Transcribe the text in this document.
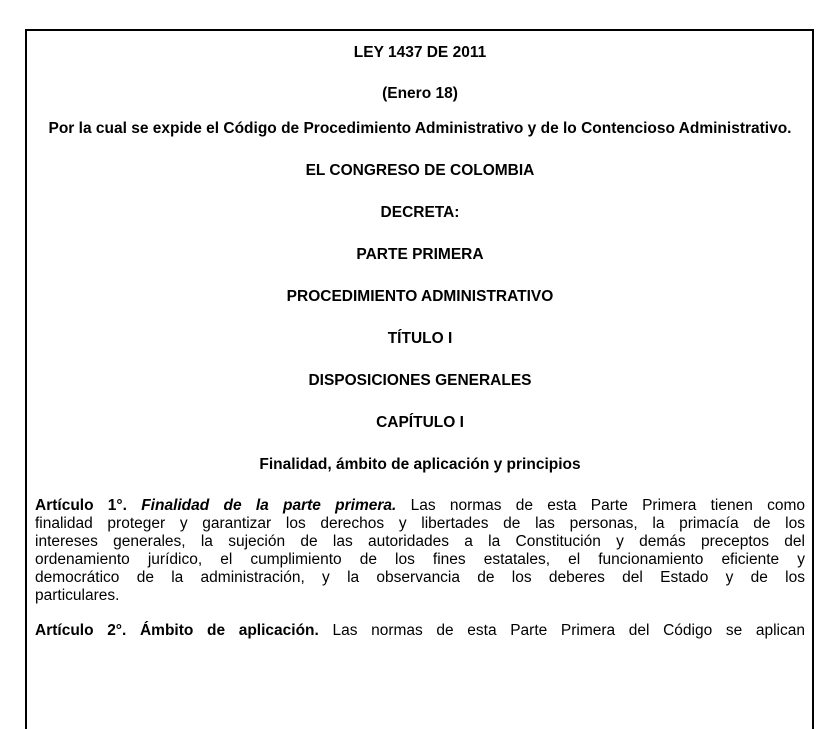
LEY 1437 DE 2011

(Enero 18)

Por la cual se expide el Código de Procedimiento Administrativo y de lo Contencioso Administrativo.

EL CONGRESO DE COLOMBIA

DECRETA:

PARTE PRIMERA

PROCEDIMIENTO ADMINISTRATIVO

TÍTULO I

DISPOSICIONES GENERALES

CAPÍTULO I

Finalidad, ámbito de aplicación y principios

Artículo 1°. Finalidad de la parte primera. Las normas de esta Parte Primera tienen como
finalidad proteger y garantizar los derechos y libertades de las personas, la primacía de los
intereses generales, la sujeción de las autoridades a la Constitución y demás preceptos del
ordenamiento jurídico, el cumplimiento de los fines estatales, el funcionamiento eficiente y
democrático de la administración, y la observancia de los deberes del Estado y de los
particulares.
Artículo 2°. Ámbito de aplicación. Las normas de esta Parte Primera del Código se aplican
